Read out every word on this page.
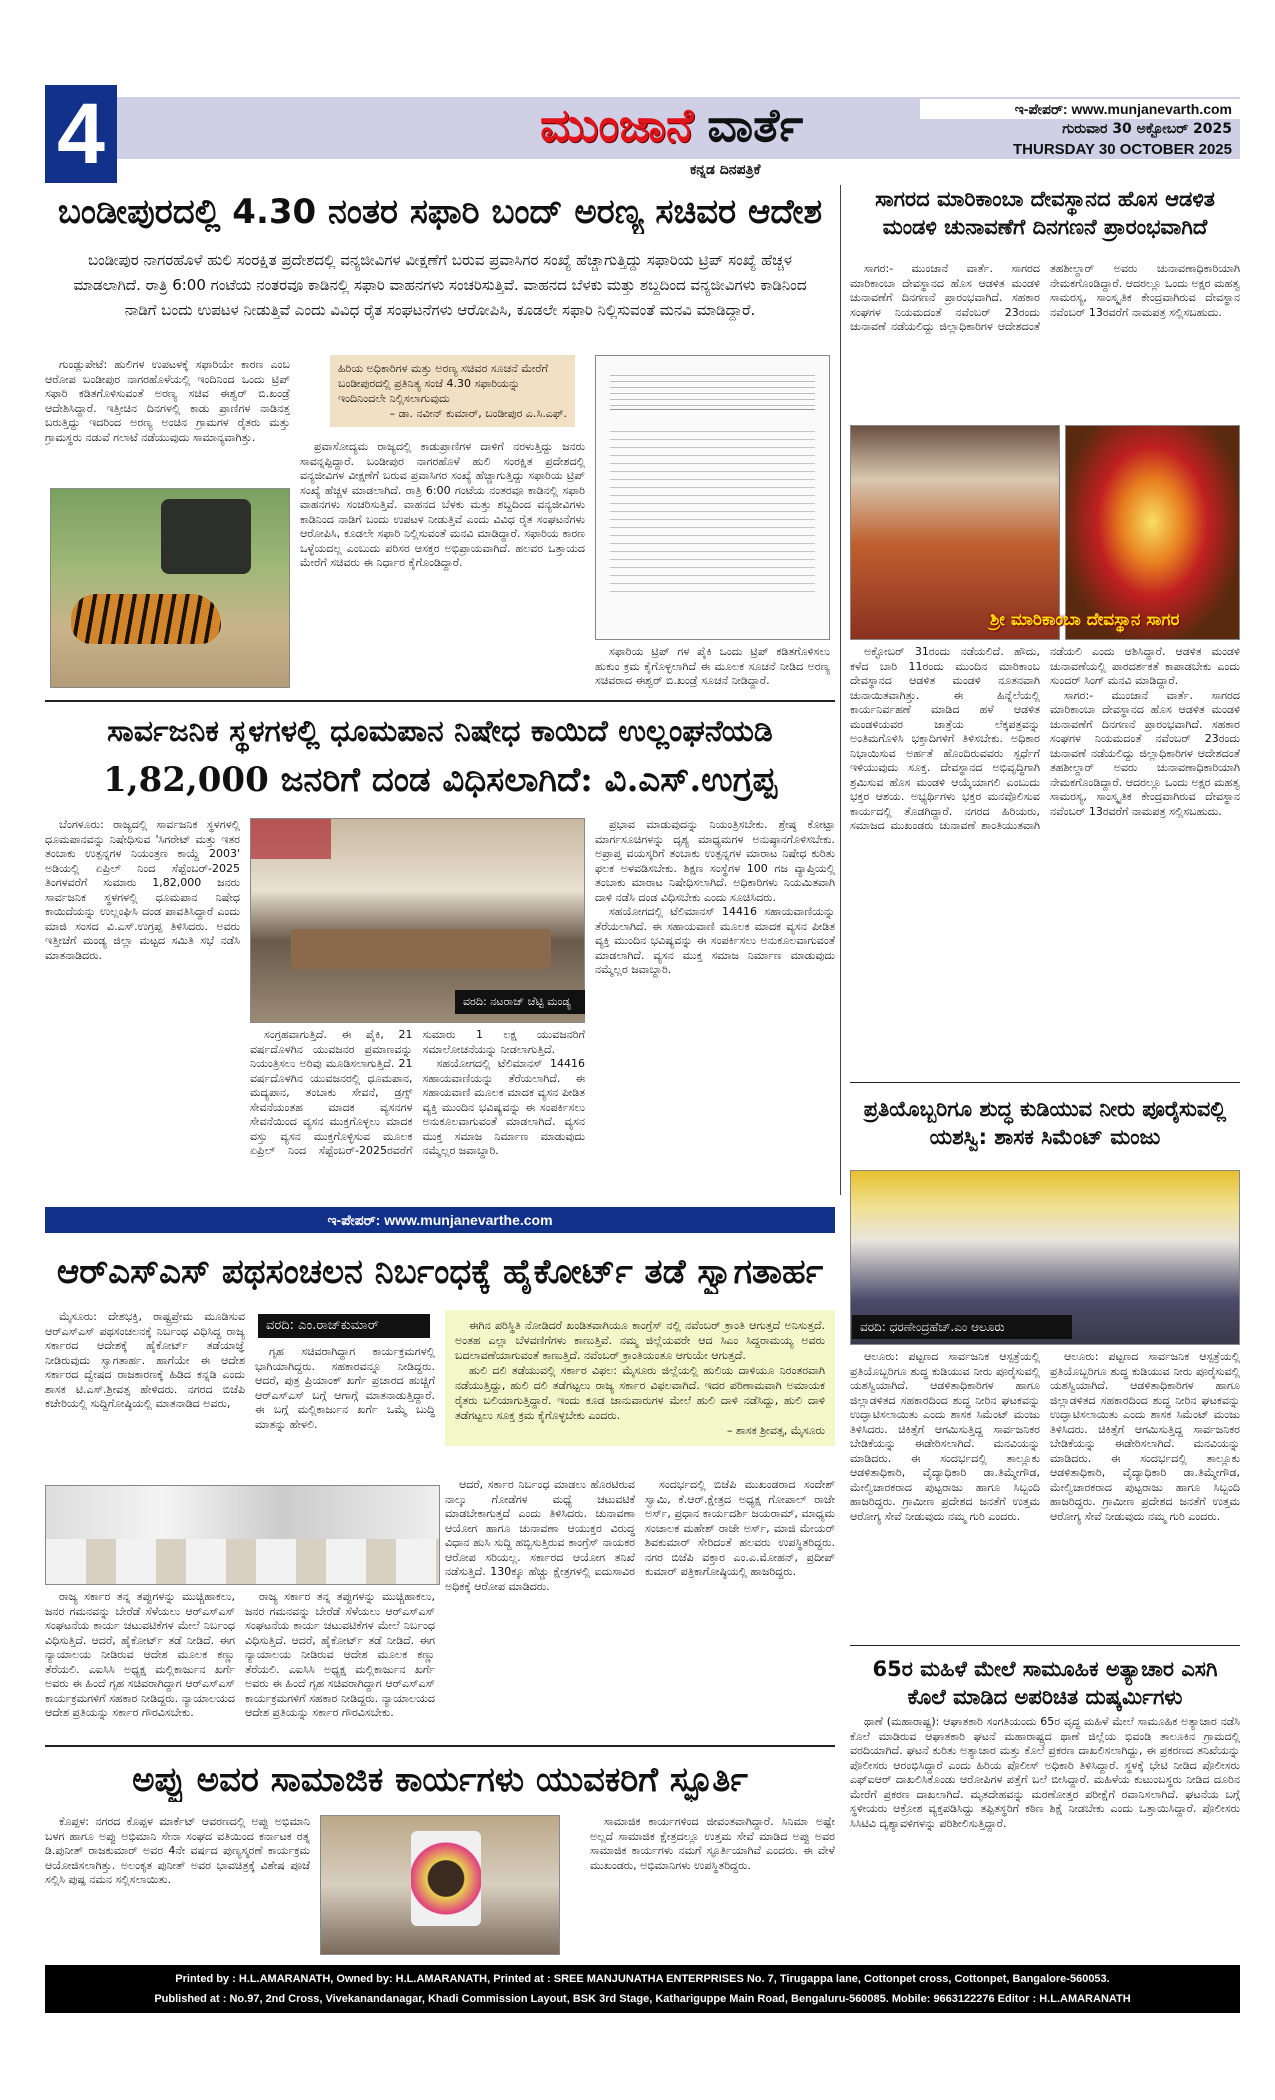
4	ಮುಂಜಾನೆ ವಾರ್ತೆ
ಕನ್ನಡ ದಿನಪತ್ರಿಕೆ
ಇ-ಪೇಪರ್: www.munjanevarth.com
ಗುರುವಾರ 30 ಅಕ್ಟೋಬರ್ 2025
THURSDAY 30 OCTOBER 2025
ಬಂಡೀಪುರದಲ್ಲಿ 4.30 ನಂತರ ಸಫಾರಿ ಬಂದ್ ಅರಣ್ಯ ಸಚಿವರ ಆದೇಶ
ಬಂಡೀಪುರ ನಾಗರಹೊಳೆ ಹುಲಿ ಸಂರಕ್ಷಿತ ಪ್ರದೇಶದಲ್ಲಿ ವನ್ಯಜೀವಿಗಳ ವೀಕ್ಷಣೆಗೆ ಬರುವ ಪ್ರವಾಸಿಗರ ಸಂಖ್ಯೆ ಹೆಚ್ಚಾಗುತ್ತಿದ್ದು ಸಫಾರಿಯ ಟ್ರಿಪ್ ಸಂಖ್ಯೆ ಹೆಚ್ಚಳ ಮಾಡಲಾಗಿದೆ. ರಾತ್ರಿ 6:00 ಗಂಟೆಯ ನಂತರವೂ ಕಾಡಿನಲ್ಲಿ ಸಫಾರಿ ವಾಹನಗಳು ಸಂಚರಿಸುತ್ತಿವೆ. ವಾಹನದ ಬೆಳಕು ಮತ್ತು ಶಬ್ದದಿಂದ ವನ್ಯಜೀವಿಗಳು ಕಾಡಿನಿಂದ ನಾಡಿಗೆ ಬಂದು ಉಪಟಳ ನೀಡುತ್ತಿವೆ ಎಂದು ವಿವಿಧ ರೈತ ಸಂಘಟನೆಗಳು ಆರೋಪಿಸಿ, ಕೂಡಲೇ ಸಫಾರಿ ನಿಲ್ಲಿಸುವಂತೆ ಮನವಿ ಮಾಡಿದ್ದಾರೆ.

ಗುಂಡ್ಲುಪೇಟೆ: ಹುಲಿಗಳ ಉಪಟಳಕ್ಕೆ ಸಫಾರಿಯೇ ಕಾರಣ ಎಂಬ ಆರೋಪ ಬಂಡೀಪುರ ನಾಗರಹೊಳೆಯಲ್ಲಿ ಇಂದಿನಿಂದ ಒಂದು ಟ್ರಿಪ್ ಸಫಾರಿ ಕಡಿತಗೊಳಿಸುವಂತೆ ಅರಣ್ಯ ಸಚಿವ ಈಶ್ವರ್ ಬಿ.ಖಂಡ್ರೆ ಆದೇಶಿಸಿದ್ದಾರೆ. ಇತ್ತೀಚಿನ ದಿನಗಳಲ್ಲಿ ಕಾಡು ಪ್ರಾಣಿಗಳ ನಾಡಿನತ್ತ ಬರುತ್ತಿದ್ದು ಇದರಿಂದ ಅರಣ್ಯ ಅಂಚಿನ ಗ್ರಾಮಗಳ ರೈತರು ಮತ್ತು ಗ್ರಾಮಸ್ಥರು ನಡುವೆ ಗಲಾಟೆ ನಡೆಯುವುದು ಸಾಮಾನ್ಯವಾಗಿತ್ತು.

ಹಿರಿಯ ಅಧಿಕಾರಿಗಳ ಮತ್ತು ಅರಣ್ಯ ಸಚಿವರ ಸೂಚನೆ ಮೇರೆಗೆ ಬಂಡೀಪುರದಲ್ಲಿ ಪ್ರತಿನಿತ್ಯ ಸಂಜೆ 4.30 ಸಫಾರಿಯನ್ನು ಇಂದಿನಿಂದಲೇ ನಿಲ್ಲಿಸಲಾಗುವುದು
– ಡಾ. ನವೀನ್ ಕುಮಾರ್, ಬಂಡೀಪುರ ಎ.ಸಿ.ಎಫ್.

ಪ್ರವಾಸೋದ್ಯಮ ರಾಜ್ಯದಲ್ಲಿ ಕಾಡುಪ್ರಾಣಿಗಳ ದಾಳಿಗೆ ನರಳುತ್ತಿದ್ದು ಜನರು ಸಾವನ್ನಪ್ಪಿದ್ದಾರೆ. ಬಂಡೀಪುರ ನಾಗರಹೊಳೆ ಹುಲಿ ಸಂರಕ್ಷಿತ ಪ್ರದೇಶದಲ್ಲಿ ವನ್ಯಜೀವಿಗಳ ವೀಕ್ಷಣೆಗೆ ಬರುವ ಪ್ರವಾಸಿಗರ ಸಂಖ್ಯೆ ಹೆಚ್ಚಾಗುತ್ತಿದ್ದು ಸಫಾರಿಯ ಟ್ರಿಪ್ ಸಂಖ್ಯೆ ಹೆಚ್ಚಳ ಮಾಡಲಾಗಿದೆ. ರಾತ್ರಿ 6:00 ಗಂಟೆಯ ನಂತರವೂ ಕಾಡಿನಲ್ಲಿ ಸಫಾರಿ ವಾಹನಗಳು ಸಂಚರಿಸುತ್ತಿವೆ. ವಾಹನದ ಬೆಳಕು ಮತ್ತು ಶಬ್ದದಿಂದ ವನ್ಯಜೀವಿಗಳು ಕಾಡಿನಿಂದ ನಾಡಿಗೆ ಬಂದು ಉಪಟಳ ನೀಡುತ್ತಿವೆ ಎಂದು ವಿವಿಧ ರೈತ ಸಂಘಟನೆಗಳು ಆರೋಪಿಸಿ, ಕೂಡಲೇ ಸಫಾರಿ ನಿಲ್ಲಿಸುವಂತೆ ಮನವಿ ಮಾಡಿದ್ದಾರೆ. ಸಫಾರಿಯ ಕಾರಣ ಒಳ್ಳೆಯದಲ್ಲ ಎಂಬುದು ಪರಿಸರ ಆಸಕ್ತರ ಅಭಿಪ್ರಾಯವಾಗಿದೆ. ಹಲವರ ಒತ್ತಾಯದ ಮೇರೆಗೆ ಸಚಿವರು ಈ ನಿರ್ಧಾರ ಕೈಗೊಂಡಿದ್ದಾರೆ.

ಸಫಾರಿಯ ಟ್ರಿಪ್ ಗಳ ಪೈಕಿ ಒಂದು ಟ್ರಿಪ್ ಕಡಿತಗೊಳಿಸಲು ಹುಕುಂ ಕ್ರಮ ಕೈಗೊಳ್ಳಲಾಗಿದೆ ಈ ಮೂಲಕ ಸೂಚನೆ ನೀಡಿದ ಅರಣ್ಯ ಸಚಿವರಾದ ಈಶ್ವರ್ ಬಿ.ಖಂಡ್ರೆ ಸೂಚನೆ ನೀಡಿದ್ದಾರೆ.

ಸಾರ್ವಜನಿಕ ಸ್ಥಳಗಳಲ್ಲಿ ಧೂಮಪಾನ ನಿಷೇಧ ಕಾಯಿದೆ ಉಲ್ಲಂಘನೆಯಡಿ
1,82,000 ಜನರಿಗೆ ದಂಡ ವಿಧಿಸಲಾಗಿದೆ: ವಿ.ಎಸ್.ಉಗ್ರಪ್ಪ

ಬೆಂಗಳೂರು: ರಾಜ್ಯದಲ್ಲಿ ಸಾರ್ವಜನಿಕ ಸ್ಥಳಗಳಲ್ಲಿ ಧೂಮಪಾನವನ್ನು ನಿಷೇಧಿಸುವ 'ಸಿಗರೇಟ್ ಮತ್ತು ಇತರ ತಂಬಾಕು ಉತ್ಪನ್ನಗಳ ನಿಯಂತ್ರಣ ಕಾಯ್ದೆ 2003' ಅಡಿಯಲ್ಲಿ ಏಪ್ರಿಲ್ ನಿಂದ ಸೆಪ್ಟೆಂಬರ್-2025 ತಿಂಗಳವರೆಗೆ ಸುಮಾರು 1,82,000 ಜನರು ಸಾರ್ವಜನಿಕ ಸ್ಥಳಗಳಲ್ಲಿ ಧೂಮಪಾನ ನಿಷೇಧ ಕಾಯಿದೆಯನ್ನು ಉಲ್ಲಂಘಿಸಿ ದಂಡ ಪಾವತಿಸಿದ್ದಾರೆ ಎಂದು ಮಾಜಿ ಸಂಸದ ವಿ.ಎಸ್.ಉಗ್ರಪ್ಪ ತಿಳಿಸಿದರು. ಅವರು ಇತ್ತೀಚೆಗೆ ಮಂಡ್ಯ ಜಿಲ್ಲಾ ಮಟ್ಟದ ಸಮಿತಿ ಸಭೆ ನಡೆಸಿ ಮಾತನಾಡಿದರು.

ವರದಿ: ನಟರಾಜ್ ಚೆಟ್ಟಿ ಮಂಡ್ಯ

ಸಂಗ್ರಹವಾಗುತ್ತಿದೆ. ಈ ಪೈಕಿ, 21 ವರ್ಷದೊಳಗಿನ ಯುವಜನರ ಪ್ರಮಾಣವನ್ನು ನಿಯಂತ್ರಿಸಲು ಅರಿವು ಮೂಡಿಸಲಾಗುತ್ತಿದೆ. 21 ವರ್ಷದೊಳಗಿನ ಯುವಜನರಲ್ಲಿ ಧೂಮಪಾನ, ಮದ್ಯಪಾನ, ತಂಬಾಕು ಸೇವನೆ, ಡ್ರಗ್ಸ್ ಸೇವನೆಯಂತಹ ಮಾದಕ ವ್ಯಸನಗಳ ಸೇವನೆಯಿಂದ ವ್ಯಸನ ಮುಕ್ತಗೊಳ್ಳಲು ಮಾದಕ ವಸ್ತು ವ್ಯಸನ ಮುಕ್ತಗೊಳ್ಳಿಸುವ ಮೂಲಕ ಏಪ್ರಿಲ್ ನಿಂದ ಸೆಪ್ಟೆಂಬರ್-2025ರವರೆಗೆ ಸುಮಾರು 1 ಲಕ್ಷ ಯುವಜನರಿಗೆ ಸಮಾಲೋಚನೆಯನ್ನು ನೀಡಲಾಗುತ್ತಿದೆ.

ಸಹಯೋಗದಲ್ಲಿ ಟೆಲಿಮಾನಸ್ 14416 ಸಹಾಯವಾಣಿಯನ್ನು ತೆರೆಯಲಾಗಿದೆ. ಈ ಸಹಾಯವಾಣಿ ಮೂಲಕ ಮಾದಕ ವ್ಯಸನ ಪೀಡಿತ ವ್ಯಕ್ತಿ ಮುಂದಿನ ಭವಿಷ್ಯವನ್ನು ಈ ಸಂಪರ್ಕಿಸಲು ಅನುಕೂಲವಾಗುವಂತೆ ಮಾಡಲಾಗಿದೆ. ವ್ಯಸನ ಮುಕ್ತ ಸಮಾಜ ನಿರ್ಮಾಣ ಮಾಡುವುದು ನಮ್ಮೆಲ್ಲರ ಜವಾಬ್ದಾರಿ.

ಪ್ರಭಾವ ಮಾಡುವುದನ್ನು ನಿಯಂತ್ರಿಸಬೇಕು. ಶ್ರೇಷ್ಠ ಕೋಟ್ಪಾ ಮಾರ್ಗಸೂಚಿಗಳನ್ನು ದೃಶ್ಯ ಮಾಧ್ಯಮಗಳ ಅನುಷ್ಠಾನಗೊಳಿಸಬೇಕು. ಅಪ್ರಾಪ್ತ ವಯಸ್ಕರಿಗೆ ತಂಬಾಕು ಉತ್ಪನ್ನಗಳ ಮಾರಾಟ ನಿಷೇಧ ಕುರಿತು ಫಲಕ ಅಳವಡಿಸಬೇಕು. ಶಿಕ್ಷಣ ಸಂಸ್ಥೆಗಳ 100 ಗಜ ವ್ಯಾಪ್ತಿಯಲ್ಲಿ ತಂಬಾಕು ಮಾರಾಟ ನಿಷೇಧಿಸಲಾಗಿದೆ. ಅಧಿಕಾರಿಗಳು ನಿಯಮಿತವಾಗಿ ದಾಳಿ ನಡೆಸಿ ದಂಡ ವಿಧಿಸಬೇಕು ಎಂದು ಸೂಚಿಸಿದರು.

ಸಹಯೋಗದಲ್ಲಿ ಟೆಲಿಮಾನಸ್ 14416 ಸಹಾಯವಾಣಿಯನ್ನು ತೆರೆಯಲಾಗಿದೆ. ಈ ಸಹಾಯವಾಣಿ ಮೂಲಕ ಮಾದಕ ವ್ಯಸನ ಪೀಡಿತ ವ್ಯಕ್ತಿ ಮುಂದಿನ ಭವಿಷ್ಯವನ್ನು ಈ ಸಂಪರ್ಕಿಸಲು ಅನುಕೂಲವಾಗುವಂತೆ ಮಾಡಲಾಗಿದೆ. ವ್ಯಸನ ಮುಕ್ತ ಸಮಾಜ ನಿರ್ಮಾಣ ಮಾಡುವುದು ನಮ್ಮೆಲ್ಲರ ಜವಾಬ್ದಾರಿ.

ಇ-ಪೇಪರ್: www.munjanevarthe.com
ಆರ್‌ಎಸ್‌ಎಸ್ ಪಥಸಂಚಲನ ನಿರ್ಬಂಧಕ್ಕೆ ಹೈಕೋರ್ಟ್ ತಡೆ ಸ್ವಾಗತಾರ್ಹ

ಮೈಸೂರು: ದೇಶಭಕ್ತಿ, ರಾಷ್ಟ್ರಪ್ರೇಮ ಮೂಡಿಸುವ ಆರ್‌ಎಸ್‌ಎಸ್ ಪಥಸಂಚಲನಕ್ಕೆ ನಿರ್ಬಂಧ ವಿಧಿಸಿದ್ದ ರಾಜ್ಯ ಸರ್ಕಾರದ ಆದೇಶಕ್ಕೆ ಹೈಕೋರ್ಟ್ ತಡೆಯಾಜ್ಞೆ ನೀಡಿರುವುದು ಸ್ವಾಗತಾರ್ಹ. ಹಾಗೆಯೇ ಈ ಆದೇಶ ಸರ್ಕಾರದ ದ್ವೇಷದ ರಾಜಕಾರಣಕ್ಕೆ ಹಿಡಿದ ಕನ್ನಡಿ ಎಂದು ಶಾಸಕ ಟಿ.ಎಸ್.ಶ್ರೀವತ್ಸ ಹೇಳಿದರು. ನಗರದ ಬಿಜೆಪಿ ಕಚೇರಿಯಲ್ಲಿ ಸುದ್ದಿಗೋಷ್ಠಿಯಲ್ಲಿ ಮಾತನಾಡಿದ ಅವರು,

ವರದಿ: ಎಂ.ರಾಜ್‌ಕುಮಾರ್

ಗೃಹ ಸಚಿವರಾಗಿದ್ದಾಗ ಕಾರ್ಯಕ್ರಮಗಳಲ್ಲಿ ಭಾಗಿಯಾಗಿದ್ದರು. ಸಹಕಾರವನ್ನೂ ನೀಡಿದ್ದರು. ಆದರೆ, ಪುತ್ರ ಪ್ರಿಯಾಂಕ್ ಖರ್ಗೆ ಪ್ರಚಾರದ ಹುಚ್ಚಿಗೆ ಆರ್‌ಎಸ್‌ಎಸ್ ಬಗ್ಗೆ ಆಗಾಗ್ಗೆ ಮಾತನಾಡುತ್ತಿದ್ದಾರೆ. ಈ ಬಗ್ಗೆ ಮಲ್ಲಿಕಾರ್ಜುನ ಖರ್ಗೆ ಒಮ್ಮೆ ಬುದ್ಧಿ ಮಾತನ್ನು ಹೇಳಲಿ.

ಈಗಿನ ಪರಿಸ್ಥಿತಿ ನೋಡಿದರೆ ಖಂಡಿತವಾಗಿಯೂ ಕಾಂಗ್ರೆಸ್ ನಲ್ಲಿ ನವೆಂಬರ್ ಕ್ರಾಂತಿ ಆಗುತ್ತದೆ ಅನಿಸುತ್ತದೆ. ಅಂತಹ ಎಲ್ಲಾ ಬೆಳವಣಿಗೆಗಳು ಕಾಣುತ್ತಿವೆ. ನಮ್ಮ ಜಿಲ್ಲೆಯವರೇ ಆದ ಸಿಎಂ ಸಿದ್ದರಾಮಯ್ಯ ಅವರು ಬದಲಾವಣೆಯಾಗುವಂತೆ ಕಾಣುತ್ತಿದೆ. ನವೆಂಬರ್ ಕ್ರಾಂತಿಯಂತೂ ಆಗುಯೇ ಆಗುತ್ತದೆ.

ಹುಲಿ ದಲಿ ತಡೆಯುವಲ್ಲಿ ಸರ್ಕಾರ ವಿಫಲ: ಮೈಸೂರು ಜಿಲ್ಲೆಯಲ್ಲಿ ಹುಲಿಯ ದಾಳಿಯೂ ನಿರಂತರವಾಗಿ ನಡೆಯುತ್ತಿದ್ದು, ಹುಲಿ ದಲಿ ತಡೆಗಟ್ಟಲು ರಾಜ್ಯ ಸರ್ಕಾರ ವಿಫಲವಾಗಿದೆ. ಇದರ ಪರಿಣಾಮವಾಗಿ ಅಮಾಯಕ ರೈತರು ಬಲಿಯಾಗುತ್ತಿದ್ದಾರೆ. ಇಂದು ಕೂಡ ಜಾನುವಾರುಗಳ ಮೇಲೆ ಹುಲಿ ದಾಳಿ ನಡೆಸಿದ್ದು, ಹುಲಿ ದಾಳಿ ತಡೆಗಟ್ಟಲು ಸೂಕ್ತ ಕ್ರಮ ಕೈಗೊಳ್ಳಬೇಕು ಎಂದರು.

– ಶಾಸಕ ಶ್ರೀವತ್ಸ, ಮೈಸೂರು

ರಾಜ್ಯ ಸರ್ಕಾರ ತನ್ನ ತಪ್ಪುಗಳನ್ನು ಮುಚ್ಚಿಹಾಕಲು, ಜನರ ಗಮನವನ್ನು ಬೇರೆಡೆ ಸೆಳೆಯಲು ಆರ್‌ಎಸ್‌ಎಸ್ ಸಂಘಟನೆಯ ಕಾರ್ಯ ಚಟುವಟಿಕೆಗಳ ಮೇಲೆ ನಿರ್ಬಂಧ ವಿಧಿಸುತ್ತಿದೆ. ಆದರೆ, ಹೈಕೋರ್ಟ್ ತಡೆ ನೀಡಿದೆ. ಈಗ ನ್ಯಾಯಾಲಯ ನೀಡಿರುವ ಆದೇಶ ಮೂಲಕ ಕಣ್ಣು ತೆರೆಯಲಿ. ಎಐಸಿಸಿ ಅಧ್ಯಕ್ಷ ಮಲ್ಲಿಕಾರ್ಜುನ ಖರ್ಗೆ ಅವರು ಈ ಹಿಂದೆ ಗೃಹ ಸಚಿವರಾಗಿದ್ದಾಗ ಆರ್‌ಎಸ್‌ಎಸ್ ಕಾರ್ಯಕ್ರಮಗಳಿಗೆ ಸಹಕಾರ ನೀಡಿದ್ದರು. ನ್ಯಾಯಾಲಯದ ಆದೇಶ ಪ್ರತಿಯನ್ನು ಸರ್ಕಾರ ಗೌರವಿಸಬೇಕು.

ರಾಜ್ಯ ಸರ್ಕಾರ ತನ್ನ ತಪ್ಪುಗಳನ್ನು ಮುಚ್ಚಿಹಾಕಲು, ಜನರ ಗಮನವನ್ನು ಬೇರೆಡೆ ಸೆಳೆಯಲು ಆರ್‌ಎಸ್‌ಎಸ್ ಸಂಘಟನೆಯ ಕಾರ್ಯ ಚಟುವಟಿಕೆಗಳ ಮೇಲೆ ನಿರ್ಬಂಧ ವಿಧಿಸುತ್ತಿದೆ. ಆದರೆ, ಹೈಕೋರ್ಟ್ ತಡೆ ನೀಡಿದೆ. ಈಗ ನ್ಯಾಯಾಲಯ ನೀಡಿರುವ ಆದೇಶ ಮೂಲಕ ಕಣ್ಣು ತೆರೆಯಲಿ. ಎಐಸಿಸಿ ಅಧ್ಯಕ್ಷ ಮಲ್ಲಿಕಾರ್ಜುನ ಖರ್ಗೆ ಅವರು ಈ ಹಿಂದೆ ಗೃಹ ಸಚಿವರಾಗಿದ್ದಾಗ ಆರ್‌ಎಸ್‌ಎಸ್ ಕಾರ್ಯಕ್ರಮಗಳಿಗೆ ಸಹಕಾರ ನೀಡಿದ್ದರು. ನ್ಯಾಯಾಲಯದ ಆದೇಶ ಪ್ರತಿಯನ್ನು ಸರ್ಕಾರ ಗೌರವಿಸಬೇಕು.

ಆದರೆ, ಸರ್ಕಾರ ನಿರ್ಬಂಧ ಮಾಡಲು ಹೊರಟಿರುವ ನಾಲ್ಕು ಗೋಡೆಗಳ ಮಧ್ಯೆ ಚಟುವಟಿಕೆ ಮಾಡಬೇಕಾಗುತ್ತದೆ ಎಂದು ತಿಳಿಸಿದರು. ಚುನಾವಣಾ ಆಯೋಗ ಹಾಗೂ ಚುನಾವಣಾ ಆಯುಕ್ತರ ವಿರುದ್ಧ ವಿಧಾನ ಹುಸಿ ಸುದ್ದಿ ಹಬ್ಬಿಸುತ್ತಿರುವ ಕಾಂಗ್ರೆಸ್ ನಾಯಕರ ಆರೋಪ ಸರಿಯಲ್ಲ. ಸರ್ಕಾರದ ಆಯೋಗ ತನಿಖೆ ನಡೆಸುತ್ತಿದೆ. 130ಕ್ಕೂ ಹೆಚ್ಚು ಕ್ಷೇತ್ರಗಳಲ್ಲಿ ಐದುಸಾವಿರ ಅಧಿಕಕ್ಕೆ ಆರೋಪ ಮಾಡಿದರು.

ಸಂದರ್ಭದಲ್ಲಿ ಬಿಜೆಪಿ ಮುಖಂಡರಾದ ಸಂದೇಶ್ ಸ್ವಾಮಿ, ಕೆ.ಆರ್.ಕ್ಷೇತ್ರದ ಅಧ್ಯಕ್ಷ ಗೋಪಾಲ್ ರಾಜೇ ಅರ್ಸ್, ಪ್ರಧಾನ ಕಾರ್ಯದರ್ಶಿ ಜಯರಾಮ್, ಮಾಧ್ಯಮ ಸಂಚಾಲಕ ಮಹೇಶ್ ರಾಜೇ ಅರ್ಸ್, ಮಾಜಿ ಮೇಯರ್ ಶಿವಕುಮಾರ್ ಸೇರಿದಂತೆ ಹಲವರು ಉಪಸ್ಥಿತರಿದ್ದರು. ನಗರ ಬಿಜೆಪಿ ವಕ್ತಾರ ಎಂ.ಎ.ಮೋಹನ್, ಪ್ರದೀಪ್ ಕುಮಾರ್ ಪತ್ರಿಕಾಗೋಷ್ಠಿಯಲ್ಲಿ ಹಾಜರಿದ್ದರು.

ಅಪ್ಪು ಅವರ ಸಾಮಾಜಿಕ ಕಾರ್ಯಗಳು ಯುವಕರಿಗೆ ಸ್ಫೂರ್ತಿ

ಕೊಪ್ಪಳ: ನಗರದ ಕೊಪ್ಪಳ ಮಾರ್ಕೆಟ್ ಆವರಣದಲ್ಲಿ ಅಪ್ಪು ಅಭಿಮಾನಿ ಬಳಗ ಹಾಗೂ ಅಪ್ಪು ಅಭಿಮಾನಿ ಸೇನಾ ಸಂಘದ ವತಿಯಿಂದ ಕರ್ನಾಟಕ ರತ್ನ ಡಿ.ಪುನೀತ್ ರಾಜಕುಮಾರ್ ಅವರ 4ನೇ ವರ್ಷದ ಪುಣ್ಯಸ್ಮರಣೆ ಕಾರ್ಯಕ್ರಮ ಆಯೋಜಿಸಲಾಗಿತ್ತು. ಅಲಂಕೃತ ಪುನೀತ್ ಅವರ ಭಾವಚಿತ್ರಕ್ಕೆ ವಿಶೇಷ ಪೂಜೆ ಸಲ್ಲಿಸಿ ಪುಷ್ಪ ನಮನ ಸಲ್ಲಿಸಲಾಯಿತು.

ಸಾಮಾಜಿಕ ಕಾರ್ಯಗಳಿಂದ ಜೀವಂತವಾಗಿದ್ದಾರೆ. ಸಿನಿಮಾ ಅಷ್ಟೇ ಅಲ್ಲದೆ ಸಾಮಾಜಿಕ ಕ್ಷೇತ್ರದಲ್ಲೂ ಉತ್ತಮ ಸೇವೆ ಮಾಡಿದ ಅಪ್ಪು ಅವರ ಸಾಮಾಜಿಕ ಕಾರ್ಯಗಳು ನಮಗೆ ಸ್ಫೂರ್ತಿಯಾಗಿವೆ ಎಂದರು. ಈ ವೇಳೆ ಮುಖಂಡರು, ಅಭಿಮಾನಿಗಳು ಉಪಸ್ಥಿತರಿದ್ದರು.

ಸಾಗರದ ಮಾರಿಕಾಂಬಾ ದೇವಸ್ಥಾನದ ಹೊಸ ಆಡಳಿತ ಮಂಡಳಿ ಚುನಾವಣೆಗೆ ದಿನಗಣನೆ ಪ್ರಾರಂಭವಾಗಿದೆ

ಸಾಗರ:- ಮುಂಜಾನೆ ವಾರ್ತೆ. ಸಾಗರದ ಮಾರಿಕಾಂಬಾ ದೇವಸ್ಥಾನದ ಹೊಸ ಆಡಳಿತ ಮಂಡಳಿ ಚುನಾವಣೆಗೆ ದಿನಗಣನೆ ಪ್ರಾರಂಭವಾಗಿದೆ. ಸಹಕಾರ ಸಂಘಗಳ ನಿಯಮದಂತೆ ನವೆಂಬರ್ 23ರಂದು ಚುನಾವಣೆ ನಡೆಯಲಿದ್ದು ಜಿಲ್ಲಾಧಿಕಾರಿಗಳ ಆದೇಶದಂತೆ ತಹಶೀಲ್ದಾರ್ ಅವರು ಚುನಾವಣಾಧಿಕಾರಿಯಾಗಿ ನೇಮಕಗೊಂಡಿದ್ದಾರೆ. ಆದರಲ್ಲೂ ಒಂದು ಅಕ್ಷರ ಮಹತ್ವ ಸಾಮರಸ್ಯ, ಸಾಂಸ್ಕೃತಿಕ ಕೇಂದ್ರವಾಗಿರುವ ದೇವಸ್ಥಾನ ನವೆಂಬರ್ 13ರವರೆಗೆ ನಾಮಪತ್ರ ಸಲ್ಲಿಸಬಹುದು.

ಶ್ರೀ ಮಾರಿಕಾಂಬಾ ದೇವಸ್ಥಾನ ಸಾಗರ

ಅಕ್ಟೋಬರ್ 31ರಂದು ನಡೆಯಲಿದೆ. ಹೌದು, ಕಳೆದ ಬಾರಿ 11ರಂದು ಮುಂದಿನ ಮಾರಿಕಾಂಬ ದೇವಸ್ಥಾನದ ಆಡಳಿತ ಮಂಡಳಿ ನೂತನವಾಗಿ ಚುನಾಯಿತವಾಗಿತ್ತು. ಈ ಹಿನ್ನೆಲೆಯಲ್ಲಿ ಕಾರ್ಯನಿರ್ವಹಣೆ ಮಾಡಿದ ಹಳೆ ಆಡಳಿತ ಮಂಡಳಿಯವರ ಜಾತ್ರೆಯ ಲೆಕ್ಕಪತ್ರವನ್ನು ಅಂತಿಮಗೊಳಿಸಿ ಭಕ್ತಾದಿಗಳಿಗೆ ತಿಳಿಸಬೇಕು. ಅಧಿಕಾರ ನಿಭಾಯಿಸುವ ಅರ್ಹತೆ ಹೊಂದಿರುವವರು ಸ್ಪರ್ಧೆಗೆ ಇಳಿಯುವುದು ಸೂಕ್ತ. ದೇವಸ್ಥಾನದ ಅಭಿವೃದ್ಧಿಗಾಗಿ ಶ್ರಮಿಸುವ ಹೊಸ ಮಂಡಳಿ ಆಯ್ಕೆಯಾಗಲಿ ಎಂಬುದು ಭಕ್ತರ ಆಶಯ. ಅಭ್ಯರ್ಥಿಗಳು ಭಕ್ತರ ಮನವೊಲಿಸುವ ಕಾರ್ಯದಲ್ಲಿ ತೊಡಗಿದ್ದಾರೆ. ನಗರದ ಹಿರಿಯರು, ಸಮಾಜದ ಮುಖಂಡರು ಚುನಾವಣೆ ಶಾಂತಿಯುತವಾಗಿ ನಡೆಯಲಿ ಎಂದು ಆಶಿಸಿದ್ದಾರೆ. ಆಡಳಿತ ಮಂಡಳಿ ಚುನಾವಣೆಯಲ್ಲಿ ಪಾರದರ್ಶಕತೆ ಕಾಪಾಡಬೇಕು ಎಂದು ಸುಂದರ್ ಸಿಂಗ್ ಮನವಿ ಮಾಡಿದ್ದಾರೆ.

ಸಾಗರ:- ಮುಂಜಾನೆ ವಾರ್ತೆ. ಸಾಗರದ ಮಾರಿಕಾಂಬಾ ದೇವಸ್ಥಾನದ ಹೊಸ ಆಡಳಿತ ಮಂಡಳಿ ಚುನಾವಣೆಗೆ ದಿನಗಣನೆ ಪ್ರಾರಂಭವಾಗಿದೆ. ಸಹಕಾರ ಸಂಘಗಳ ನಿಯಮದಂತೆ ನವೆಂಬರ್ 23ರಂದು ಚುನಾವಣೆ ನಡೆಯಲಿದ್ದು ಜಿಲ್ಲಾಧಿಕಾರಿಗಳ ಆದೇಶದಂತೆ ತಹಶೀಲ್ದಾರ್ ಅವರು ಚುನಾವಣಾಧಿಕಾರಿಯಾಗಿ ನೇಮಕಗೊಂಡಿದ್ದಾರೆ. ಆದರಲ್ಲೂ ಒಂದು ಅಕ್ಷರ ಮಹತ್ವ ಸಾಮರಸ್ಯ, ಸಾಂಸ್ಕೃತಿಕ ಕೇಂದ್ರವಾಗಿರುವ ದೇವಸ್ಥಾನ ನವೆಂಬರ್ 13ರವರೆಗೆ ನಾಮಪತ್ರ ಸಲ್ಲಿಸಬಹುದು.

ಪ್ರತಿಯೊಬ್ಬರಿಗೂ ಶುದ್ಧ ಕುಡಿಯುವ ನೀರು ಪೂರೈಸುವಲ್ಲಿ ಯಶಸ್ವಿ: ಶಾಸಕ ಸಿಮೆಂಟ್ ಮಂಜು
ವರದಿ: ಧರಣೇಂದ್ರಹೆಚ್.ಎಂ ಆಲೂರು

ಆಲೂರು: ಪಟ್ಟಣದ ಸಾರ್ವಜನಿಕ ಆಸ್ಪತ್ರೆಯಲ್ಲಿ ಪ್ರತಿಯೊಬ್ಬರಿಗೂ ಶುದ್ಧ ಕುಡಿಯುವ ನೀರು ಪೂರೈಸುವಲ್ಲಿ ಯಶಸ್ವಿಯಾಗಿದೆ. ಆಡಳಿತಾಧಿಕಾರಿಗಳ ಹಾಗೂ ಜಿಲ್ಲಾಡಳಿತದ ಸಹಕಾರದಿಂದ ಶುದ್ಧ ನೀರಿನ ಘಟಕವನ್ನು ಉದ್ಘಾಟಿಸಲಾಯಿತು ಎಂದು ಶಾಸಕ ಸಿಮೆಂಟ್ ಮಂಜು ತಿಳಿಸಿದರು. ಚಿಕಿತ್ಸೆಗೆ ಆಗಮಿಸುತ್ತಿದ್ದ ಸಾರ್ವಜನಿಕರ ಬೇಡಿಕೆಯನ್ನು ಈಡೇರಿಸಲಾಗಿದೆ. ಮನವಿಯನ್ನು ಮಾಡಿದರು. ಈ ಸಂದರ್ಭದಲ್ಲಿ ತಾಲ್ಲೂಕು ಆಡಳಿತಾಧಿಕಾರಿ, ವೈದ್ಯಾಧಿಕಾರಿ ಡಾ.ತಿಮ್ಮೇಗೌಡ, ಮೇಲ್ವಿಚಾರಕರಾದ ಪುಟ್ಟರಾಜು ಹಾಗೂ ಸಿಬ್ಬಂದಿ ಹಾಜರಿದ್ದರು. ಗ್ರಾಮೀಣ ಪ್ರದೇಶದ ಜನತೆಗೆ ಉತ್ತಮ ಆರೋಗ್ಯ ಸೇವೆ ನೀಡುವುದು ನಮ್ಮ ಗುರಿ ಎಂದರು.

ಆಲೂರು: ಪಟ್ಟಣದ ಸಾರ್ವಜನಿಕ ಆಸ್ಪತ್ರೆಯಲ್ಲಿ ಪ್ರತಿಯೊಬ್ಬರಿಗೂ ಶುದ್ಧ ಕುಡಿಯುವ ನೀರು ಪೂರೈಸುವಲ್ಲಿ ಯಶಸ್ವಿಯಾಗಿದೆ. ಆಡಳಿತಾಧಿಕಾರಿಗಳ ಹಾಗೂ ಜಿಲ್ಲಾಡಳಿತದ ಸಹಕಾರದಿಂದ ಶುದ್ಧ ನೀರಿನ ಘಟಕವನ್ನು ಉದ್ಘಾಟಿಸಲಾಯಿತು ಎಂದು ಶಾಸಕ ಸಿಮೆಂಟ್ ಮಂಜು ತಿಳಿಸಿದರು. ಚಿಕಿತ್ಸೆಗೆ ಆಗಮಿಸುತ್ತಿದ್ದ ಸಾರ್ವಜನಿಕರ ಬೇಡಿಕೆಯನ್ನು ಈಡೇರಿಸಲಾಗಿದೆ. ಮನವಿಯನ್ನು ಮಾಡಿದರು. ಈ ಸಂದರ್ಭದಲ್ಲಿ ತಾಲ್ಲೂಕು ಆಡಳಿತಾಧಿಕಾರಿ, ವೈದ್ಯಾಧಿಕಾರಿ ಡಾ.ತಿಮ್ಮೇಗೌಡ, ಮೇಲ್ವಿಚಾರಕರಾದ ಪುಟ್ಟರಾಜು ಹಾಗೂ ಸಿಬ್ಬಂದಿ ಹಾಜರಿದ್ದರು. ಗ್ರಾಮೀಣ ಪ್ರದೇಶದ ಜನತೆಗೆ ಉತ್ತಮ ಆರೋಗ್ಯ ಸೇವೆ ನೀಡುವುದು ನಮ್ಮ ಗುರಿ ಎಂದರು.

65ರ ಮಹಿಳೆ ಮೇಲೆ ಸಾಮೂಹಿಕ ಅತ್ಯಾಚಾರ ಎಸಗಿ ಕೊಲೆ ಮಾಡಿದ ಅಪರಿಚಿತ ದುಷ್ಕರ್ಮಿಗಳು

ಥಾಣೆ (ಮಹಾರಾಷ್ಟ್ರ): ಆಘಾತಕಾರಿ ಸಂಗತಿಯಂದು 65ರ ವೃದ್ಧ ಮಹಿಳೆ ಮೇಲೆ ಸಾಮೂಹಿಕ ಅತ್ಯಾಚಾರ ನಡೆಸಿ ಕೊಲೆ ಮಾಡಿರುವ ಆಘಾತಕಾರಿ ಘಟನೆ ಮಹಾರಾಷ್ಟ್ರದ ಥಾಣೆ ಜಿಲ್ಲೆಯ ಭಿವಂಡಿ ತಾಲೂಕಿನ ಗ್ರಾಮದಲ್ಲಿ ವರದಿಯಾಗಿದೆ. ಘಟನೆ ಕುರಿತು ಅತ್ಯಾಚಾರ ಮತ್ತು ಕೊಲೆ ಪ್ರಕರಣ ದಾಖಲಿಸಲಾಗಿದ್ದು, ಈ ಪ್ರಕರಣದ ತನಿಖೆಯನ್ನು ಪೊಲೀಸರು ಆರಂಭಿಸಿದ್ದಾರೆ ಎಂದು ಹಿರಿಯ ಪೊಲೀಸ್ ಅಧಿಕಾರಿ ತಿಳಿಸಿದ್ದಾರೆ. ಸ್ಥಳಕ್ಕೆ ಭೇಟಿ ನೀಡಿದ ಪೊಲೀಸರು ಎಫ್‌ಐಆರ್ ದಾಖಲಿಸಿಕೊಂಡು ಆರೋಪಿಗಳ ಪತ್ತೆಗೆ ಬಲೆ ಬೀಸಿದ್ದಾರೆ. ಮಹಿಳೆಯ ಕುಟುಂಬಸ್ಥರು ನೀಡಿದ ದೂರಿನ ಮೇರೆಗೆ ಪ್ರಕರಣ ದಾಖಲಾಗಿದೆ. ಮೃತದೇಹವನ್ನು ಮರಣೋತ್ತರ ಪರೀಕ್ಷೆಗೆ ರವಾನಿಸಲಾಗಿದೆ. ಘಟನೆಯ ಬಗ್ಗೆ ಸ್ಥಳೀಯರು ಆಕ್ರೋಶ ವ್ಯಕ್ತಪಡಿಸಿದ್ದು ತಪ್ಪಿತಸ್ಥರಿಗೆ ಕಠಿಣ ಶಿಕ್ಷೆ ನೀಡಬೇಕು ಎಂದು ಒತ್ತಾಯಿಸಿದ್ದಾರೆ. ಪೊಲೀಸರು ಸಿಸಿಟಿವಿ ದೃಶ್ಯಾವಳಿಗಳನ್ನು ಪರಿಶೀಲಿಸುತ್ತಿದ್ದಾರೆ.

Printed by : H.L.AMARANATH, Owned by: H.L.AMARANATH, Printed at : SREE MANJUNATHA ENTERPRISES No. 7, Tirugappa lane, Cottonpet cross, Cottonpet, Bangalore-560053.
Published at : No.97, 2nd Cross, Vivekanandanagar, Khadi Commission Layout, BSK 3rd Stage, Kathariguppe Main Road, Bengaluru-560085. Mobile: 9663122276 Editor : H.L.AMARANATH
